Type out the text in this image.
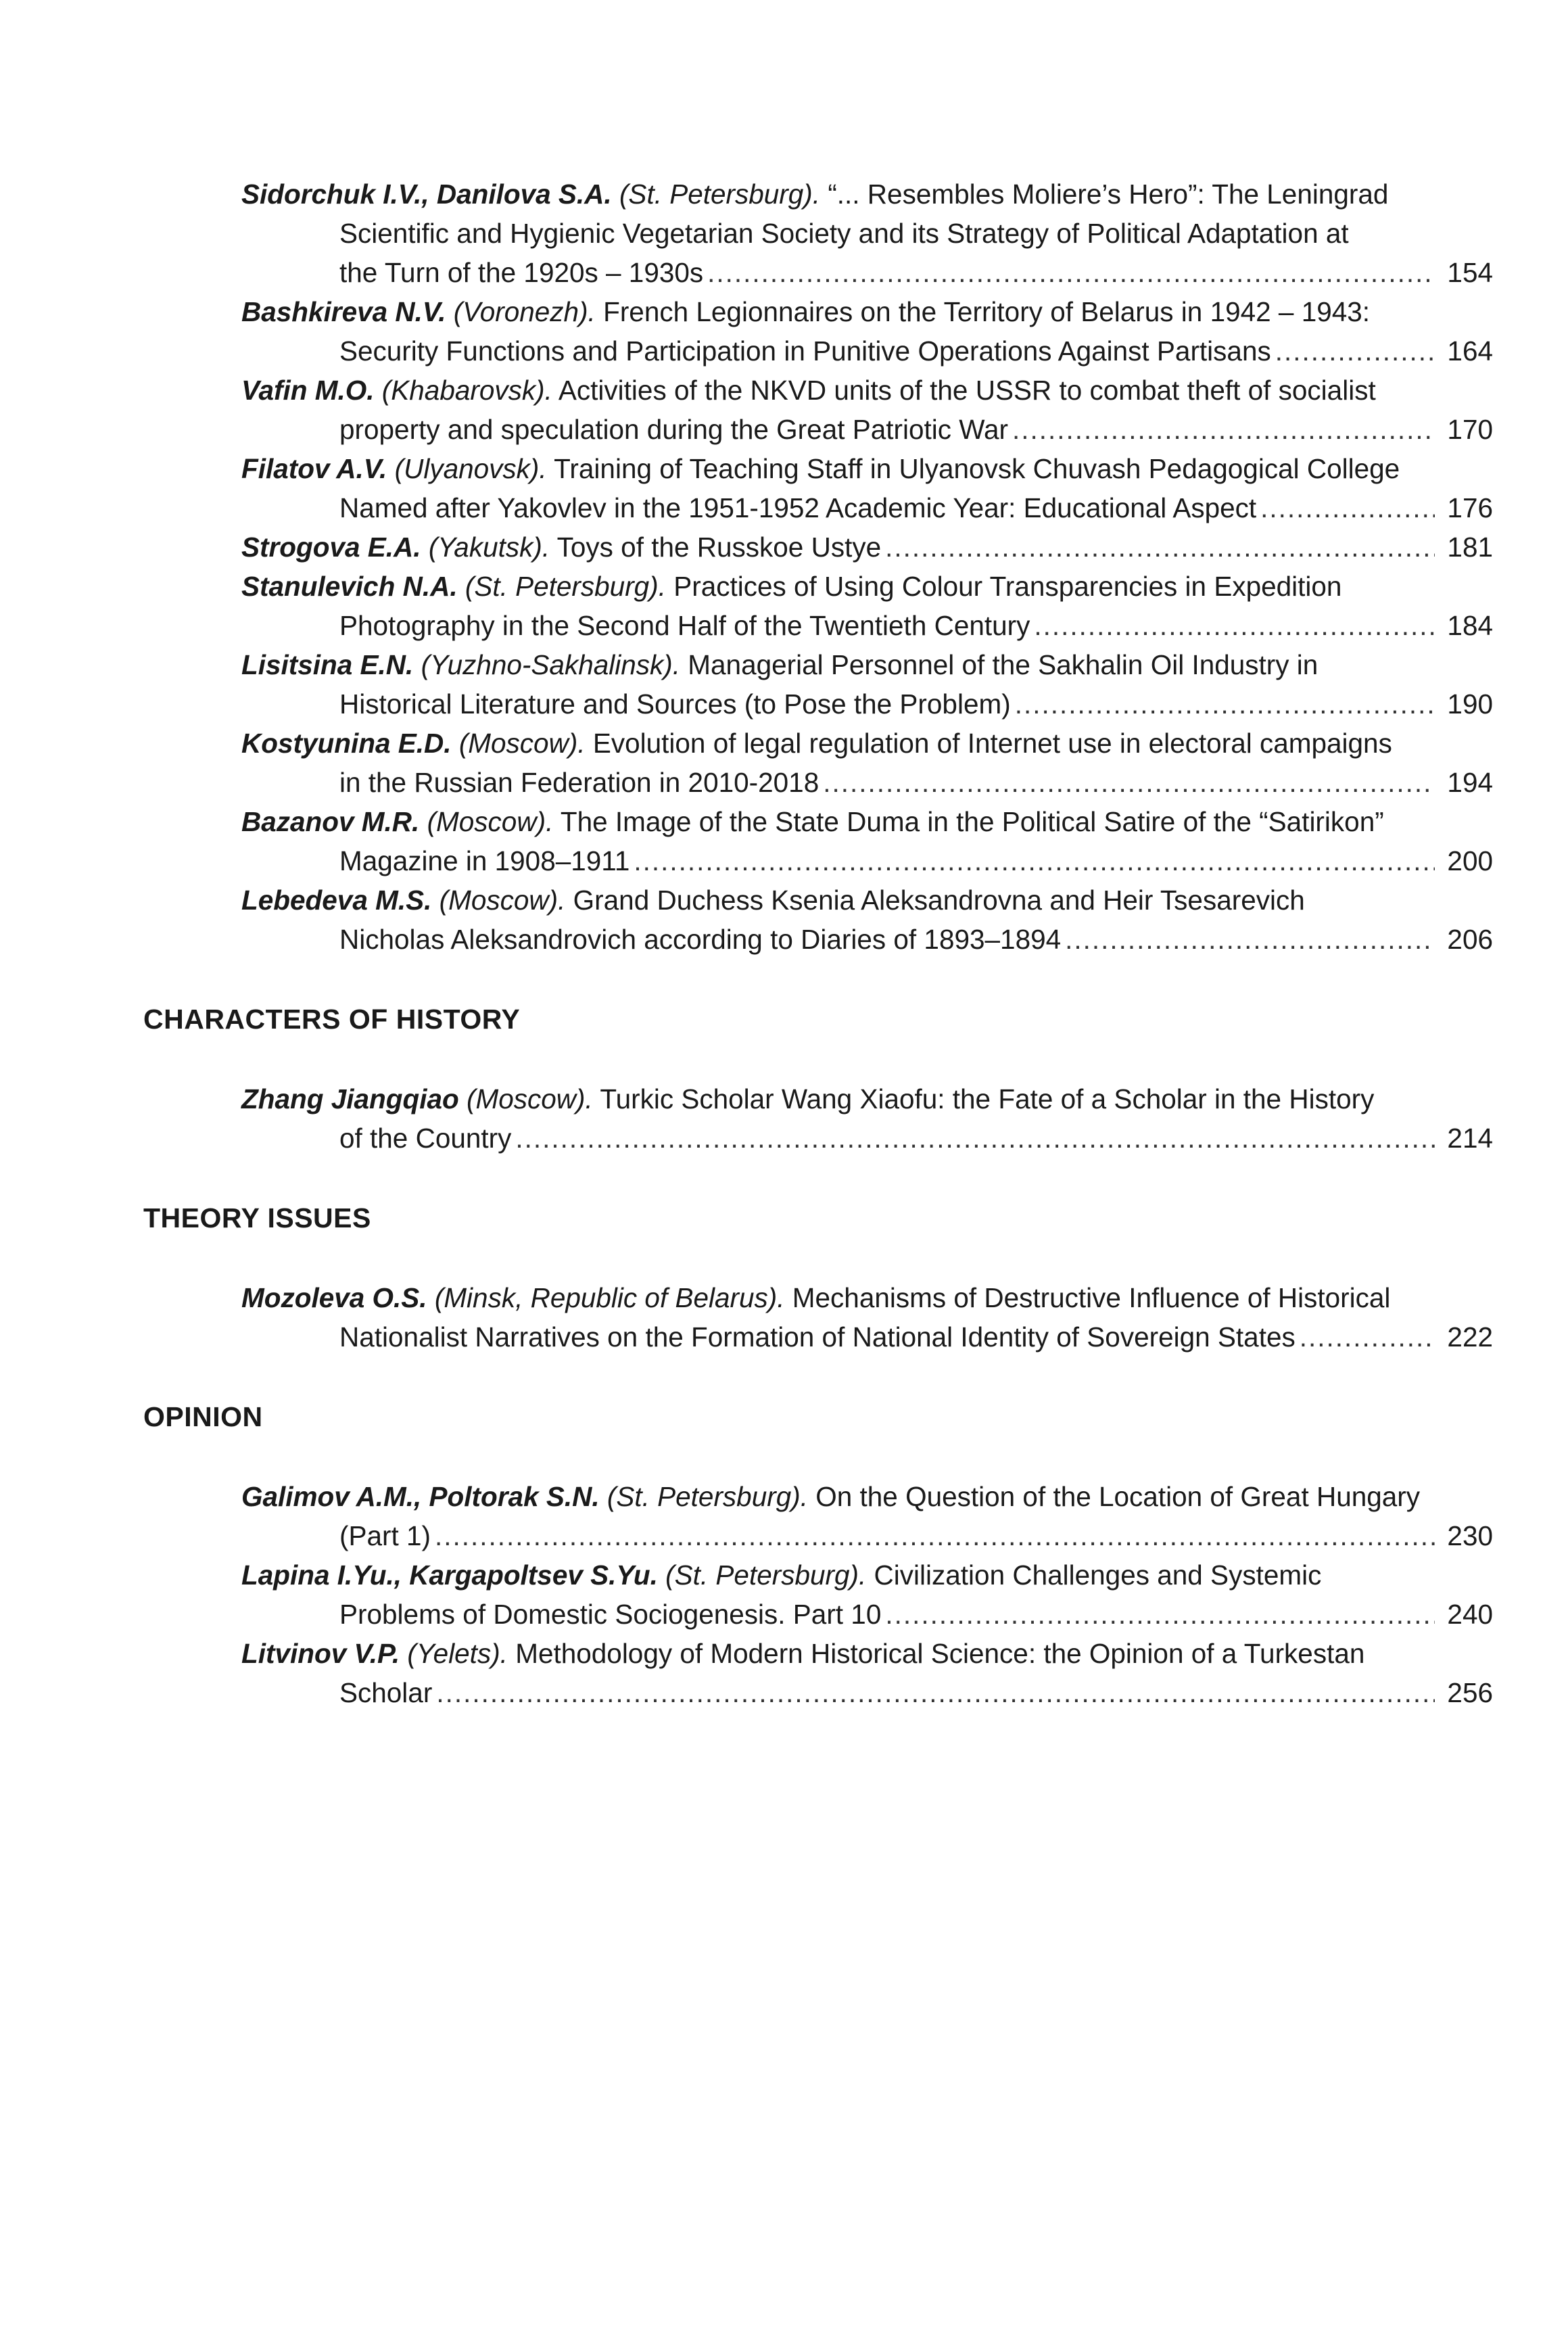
Sidorchuk I.V., Danilova S.A. (St. Petersburg). “... Resembles Moliere’s Hero”: The Leningrad
Scientific and Hygienic Vegetarian Society and its Strategy of Political Adaptation at
the Turn of the 1920s – 1930s .....	154
Bashkireva N.V. (Voronezh). French Legionnaires on the Territory of Belarus in 1942 – 1943:
Security Functions and Participation in Punitive Operations Against Partisans .....	164
Vafin M.O. (Khabarovsk). Activities of the NKVD units of the USSR to combat theft of socialist
property and speculation during the Great Patriotic War .....	170
Filatov A.V. (Ulyanovsk). Training of Teaching Staff in Ulyanovsk Chuvash Pedagogical College
Named after Yakovlev in the 1951-1952 Academic Year: Educational Aspect .....	176
Strogova E.A. (Yakutsk). Toys of the Russkoe Ustye .....	181
Stanulevich N.A. (St. Petersburg). Practices of Using Colour Transparencies in Expedition
Photography in the Second Half of the Twentieth Century .....	184
Lisitsina E.N. (Yuzhno-Sakhalinsk). Managerial Personnel of the Sakhalin Oil Industry in
Historical Literature and Sources (to Pose the Problem) .....	190
Kostyunina E.D. (Moscow). Evolution of legal regulation of Internet use in electoral campaigns
in the Russian Federation in 2010-2018 .....	194
Bazanov M.R. (Moscow). The Image of the State Duma in the Political Satire of the “Satirikon”
Magazine in 1908–1911 .....	200
Lebedeva M.S. (Moscow). Grand Duchess Ksenia Aleksandrovna and Heir Tsesarevich
Nicholas Aleksandrovich according to Diaries of 1893–1894 .....	206
CHARACTERS OF HISTORY
Zhang Jiangqiao (Moscow). Turkic Scholar Wang Xiaofu: the Fate of a Scholar in the History
of the Country .....	214
THEORY ISSUES
Mozoleva O.S. (Minsk, Republic of Belarus). Mechanisms of Destructive Influence of Historical
Nationalist Narratives on the Formation of National Identity of Sovereign States .....	222
OPINION
Galimov A.M., Poltorak S.N. (St. Petersburg). On the Question of the Location of Great Hungary
(Part 1) .....	230
Lapina I.Yu., Kargapoltsev S.Yu. (St. Petersburg). Civilization Challenges and Systemic
Problems of Domestic Sociogenesis. Part 10 .....	240
Litvinov V.P. (Yelets). Methodology of Modern Historical Science: the Opinion of a Turkestan
Scholar .....	256
